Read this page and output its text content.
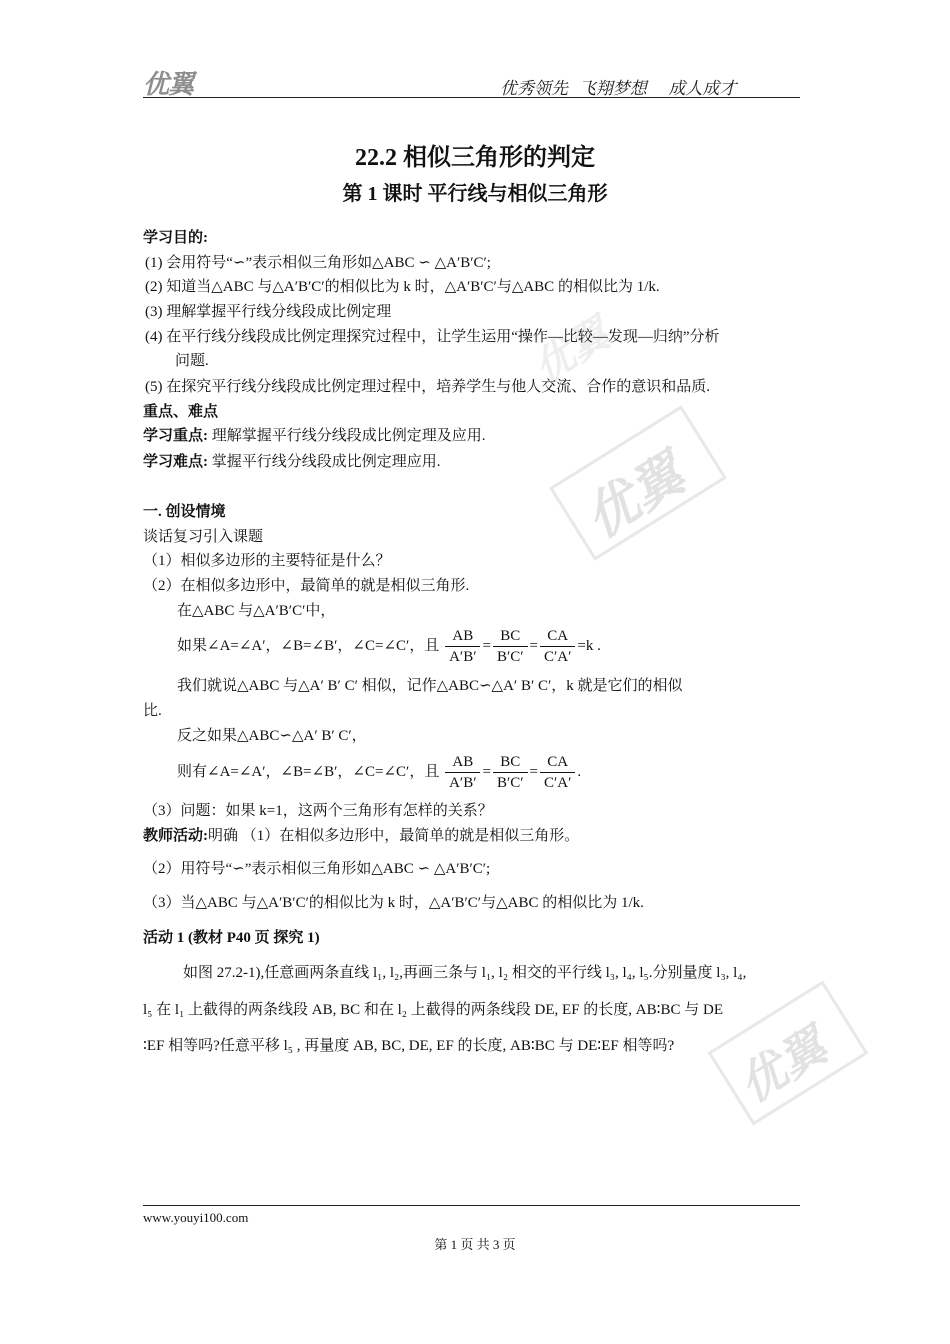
优翼
优翼
优翼
优翼	优秀领先  飞翔梦想    成人成才
22.2 相似三角形的判定
第 1 课时 平行线与相似三角形
学习目的:
(1) 会用符号“∽”表示相似三角形如△ABC ∽ △A′B′C′;
(2) 知道当△ABC 与△A′B′C′的相似比为 k 时，△A′B′C′与△ABC 的相似比为 1/k.
(3) 理解掌握平行线分线段成比例定理
(4) 在平行线分线段成比例定理探究过程中，让学生运用“操作—比较—发现—归纳”分析
问题.
(5) 在探究平行线分线段成比例定理过程中，培养学生与他人交流、合作的意识和品质.
重点、难点
学习重点: 理解掌握平行线分线段成比例定理及应用.
学习难点: 掌握平行线分线段成比例定理应用.
一. 创设情境
谈话复习引入课题
（1）相似多边形的主要特征是什么？
（2）在相似多边形中，最简单的就是相似三角形.
在△ABC 与△A′B′C′中，
如果∠A=∠A′，∠B=∠B′，∠C=∠C′，且 $\frac{AB}{A'B'} = \frac{BC}{B'C'} = \frac{CA}{C'A'} =k$ .
我们就说△ABC 与△A′ B′ C′ 相似，记作△ABC∽△A′ B′ C′，k 就是它们的相似
比.
反之如果△ABC∽△A′ B′ C′，
则有∠A=∠A′，∠B=∠B′，∠C=∠C′，且 $\frac{AB}{A'B'} = \frac{BC}{B'C'} = \frac{CA}{C'A'}$ .
（3）问题：如果 k=1，这两个三角形有怎样的关系？
教师活动:明确 （1）在相似多边形中，最简单的就是相似三角形。
（2）用符号“∽”表示相似三角形如△ABC ∽ △A′B′C′;
（3）当△ABC 与△A′B′C′的相似比为 k 时，△A′B′C′与△ABC 的相似比为 1/k.
活动 1 (教材 P40 页 探究 1)
如图 27.2-1),任意画两条直线 l₁, l₂,再画三条与 l₁, l₂ 相交的平行线 l₃, l₄, l₅.分别量度 l₃, l₄,
l₅ 在 l₁ 上截得的两条线段 AB, BC 和在 l₂ 上截得的两条线段 DE, EF 的长度, AB∶BC 与 DE
∶EF 相等吗?任意平移 l₅ , 再量度 AB, BC, DE, EF 的长度, AB∶BC 与 DE∶EF 相等吗?
www.youyi100.com
第 1 页 共 3 页
